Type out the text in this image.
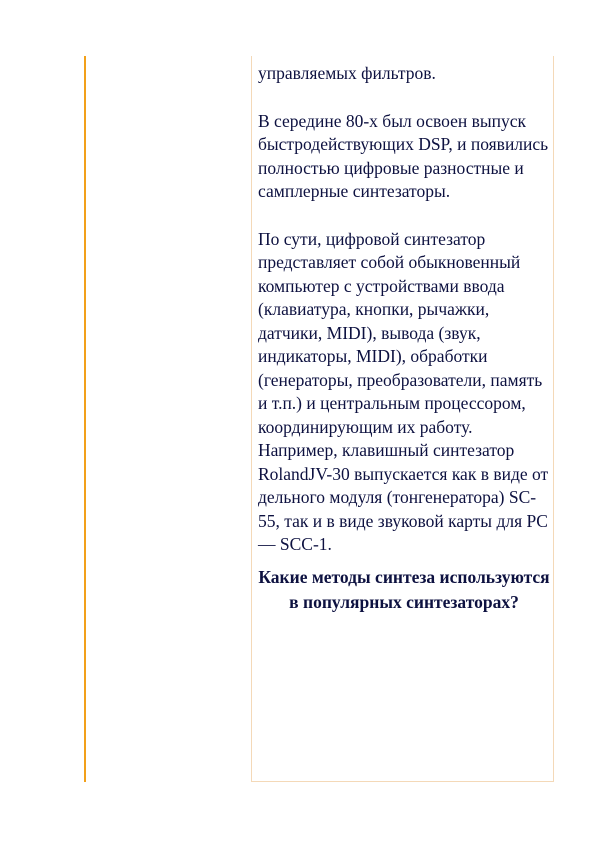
управляемых фильтров.

В середине 80-х был освоен выпуск быстродействующих DSP, и появились полностью цифровые разностные и самплерные синтезаторы.

По сути, цифровой синтезатор представляет собой обыкновенный компьютер с устройствами ввода (клавиатура, кнопки, рычажки, датчики, MIDI), вывода (звук, индикаторы, MIDI), обработки (генераторы, преобразователи, память и т.п.) и центральным процессором, координирующим их работу. Например, клавишный синтезатор RolandJV-30 выпускается как в виде от дельного модуля (тонгенератора) SC-55, так и в виде звуковой карты для PC — SCC-1.

Какие методы синтеза используются в популярных синтезаторах?
